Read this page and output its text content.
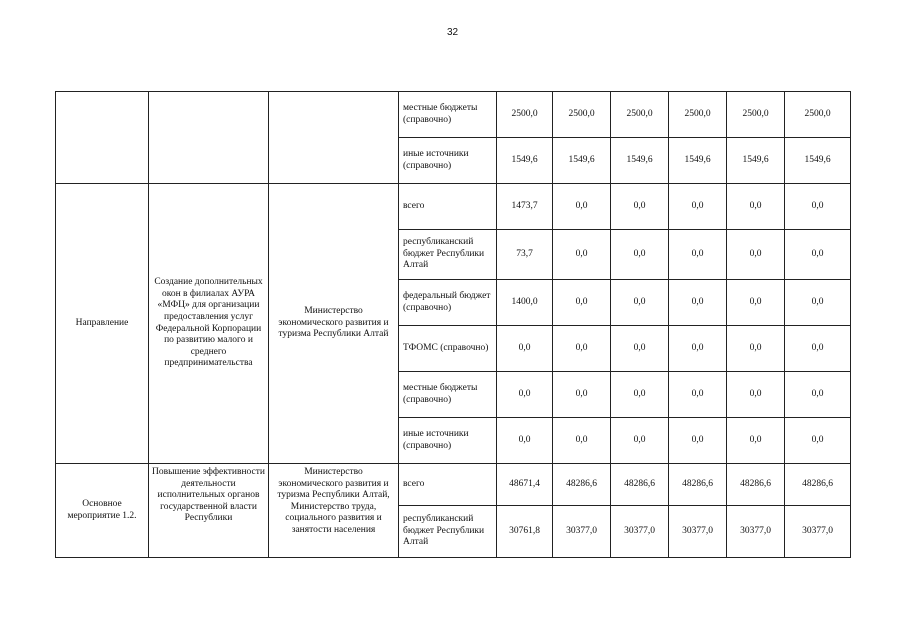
32
			местные бюджеты (справочно)	2500,0	2500,0	2500,0	2500,0	2500,0	2500,0
			иные источники (справочно)	1549,6	1549,6	1549,6	1549,6	1549,6	1549,6
Направление	Создание дополнительных окон в филиалах АУРА «МФЦ» для организации предоставления услуг Федеральной Корпорации по развитию малого и среднего предпринимательства	Министерство экономического развития и туризма Республики Алтай	всего	1473,7	0,0	0,0	0,0	0,0	0,0
			республиканский бюджет Республики Алтай	73,7	0,0	0,0	0,0	0,0	0,0
			федеральный бюджет (справочно)	1400,0	0,0	0,0	0,0	0,0	0,0
			ТФОМС (справочно)	0,0	0,0	0,0	0,0	0,0	0,0
			местные бюджеты (справочно)	0,0	0,0	0,0	0,0	0,0	0,0
			иные источники (справочно)	0,0	0,0	0,0	0,0	0,0	0,0
Основное мероприятие 1.2.	Повышение эффективности деятельности исполнительных органов государственной власти Республики	Министерство экономического развития и туризма Республики Алтай, Министерство труда, социального развития и занятости населения	всего	48671,4	48286,6	48286,6	48286,6	48286,6	48286,6
			республиканский бюджет Республики Алтай	30761,8	30377,0	30377,0	30377,0	30377,0	30377,0
